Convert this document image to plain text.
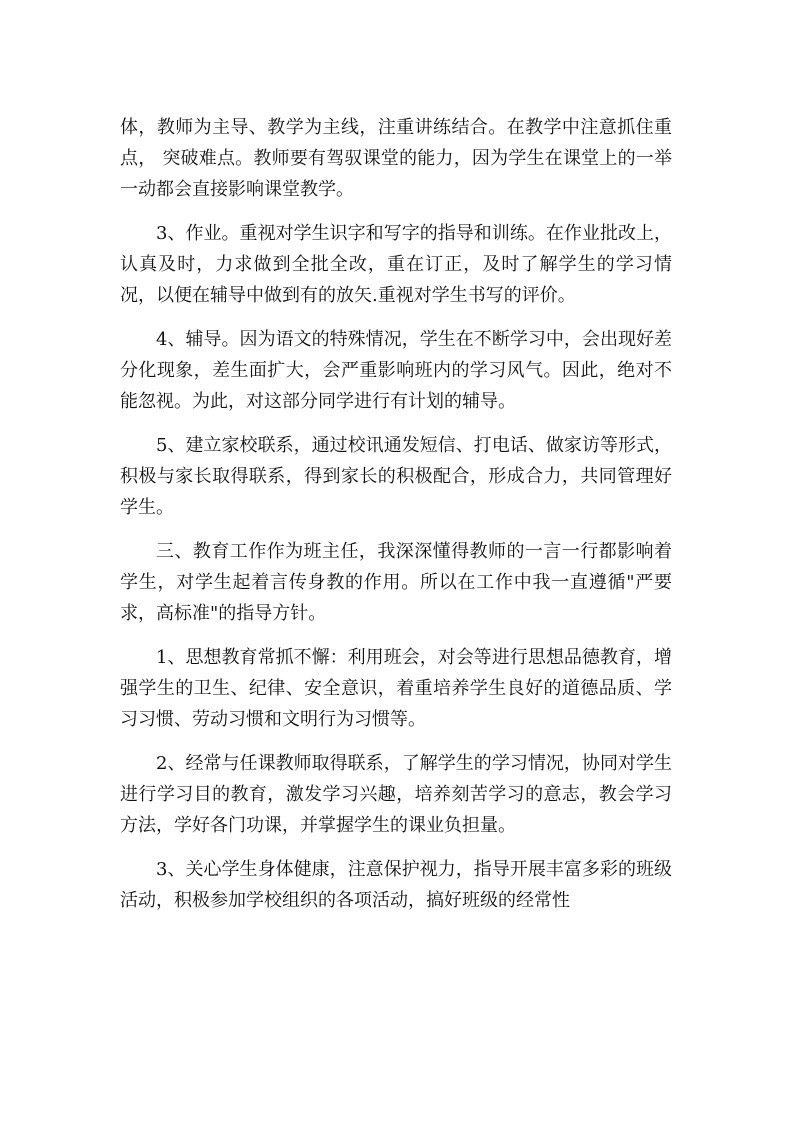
体，教师为主导、教学为主线，注重讲练结合。在教学中注意抓住重点， 突破难点。教师要有驾驭课堂的能力，因为学生在课堂上的一举一动都会直接影响课堂教学。

3、作业。重视对学生识字和写字的指导和训练。在作业批改上，认真及时，力求做到全批全改，重在订正，及时了解学生的学习情况，以便在辅导中做到有的放矢.重视对学生书写的评价。

4、辅导。因为语文的特殊情况，学生在不断学习中，会出现好差分化现象，差生面扩大，会严重影响班内的学习风气。因此，绝对不能忽视。为此，对这部分同学进行有计划的辅导。

5、建立家校联系，通过校讯通发短信、打电话、做家访等形式，积极与家长取得联系，得到家长的积极配合，形成合力，共同管理好学生。

三、教育工作作为班主任，我深深懂得教师的一言一行都影响着学生，对学生起着言传身教的作用。所以在工作中我一直遵循"严要求，高标准"的指导方针。

1、思想教育常抓不懈：利用班会，对会等进行思想品德教育，增强学生的卫生、纪律、安全意识，着重培养学生良好的道德品质、学习习惯、劳动习惯和文明行为习惯等。

2、经常与任课教师取得联系，了解学生的学习情况，协同对学生进行学习目的教育，激发学习兴趣，培养刻苦学习的意志，教会学习方法，学好各门功课，并掌握学生的课业负担量。

3、关心学生身体健康，注意保护视力，指导开展丰富多彩的班级活动，积极参加学校组织的各项活动，搞好班级的经常性
